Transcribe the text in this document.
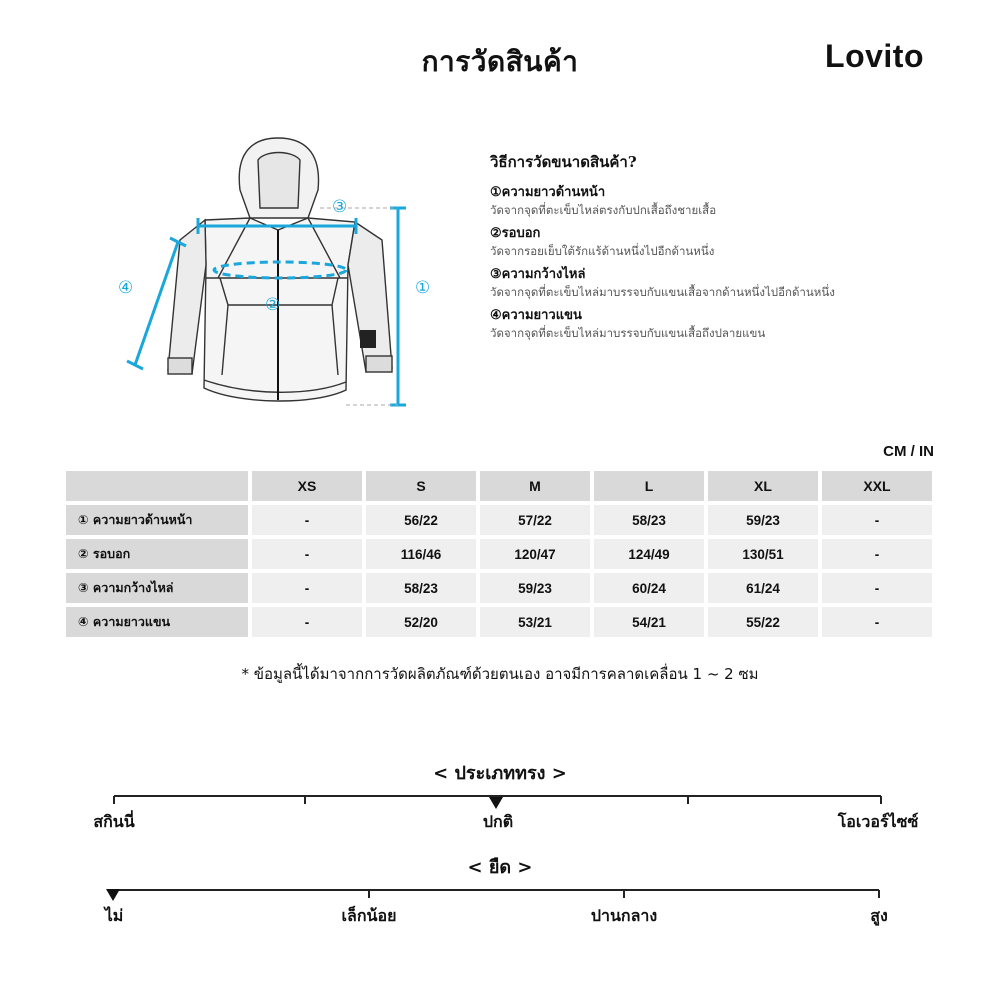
การวัดสินค้า	Lovito
①
②
③
④
วิธีการวัดขนาดสินค้า?
①ความยาวด้านหน้า
วัดจากจุดที่ตะเข็บไหล่ตรงกับปกเสื้อถึงชายเสื้อ
②รอบอก
วัดจากรอยเย็บใต้รักแร้ด้านหนึ่งไปอีกด้านหนึ่ง
③ความกว้างไหล่
วัดจากจุดที่ตะเข็บไหล่มาบรรจบกับแขนเสื้อจากด้านหนึ่งไปอีกด้านหนึ่ง
④ความยาวแขน
วัดจากจุดที่ตะเข็บไหล่มาบรรจบกับแขนเสื้อถึงปลายแขน
CM / IN
	XS	S	M	L	XL	XXL
① ความยาวด้านหน้า	-	56/22	57/22	58/23	59/23	-
② รอบอก	-	116/46	120/47	124/49	130/51	-
③ ความกว้างไหล่	-	58/23	59/23	60/24	61/24	-
④ ความยาวแขน	-	52/20	53/21	54/21	55/22	-
* ข้อมูลนี้ได้มาจากการวัดผลิตภัณฑ์ด้วยตนเอง อาจมีการคลาดเคลื่อน 1 ~ 2 ซม
< ประเภททรง >
สกินนี่	ปกติ	โอเวอร์ไซซ์
< ยืด >
ไม่	เล็กน้อย	ปานกลาง	สูง
